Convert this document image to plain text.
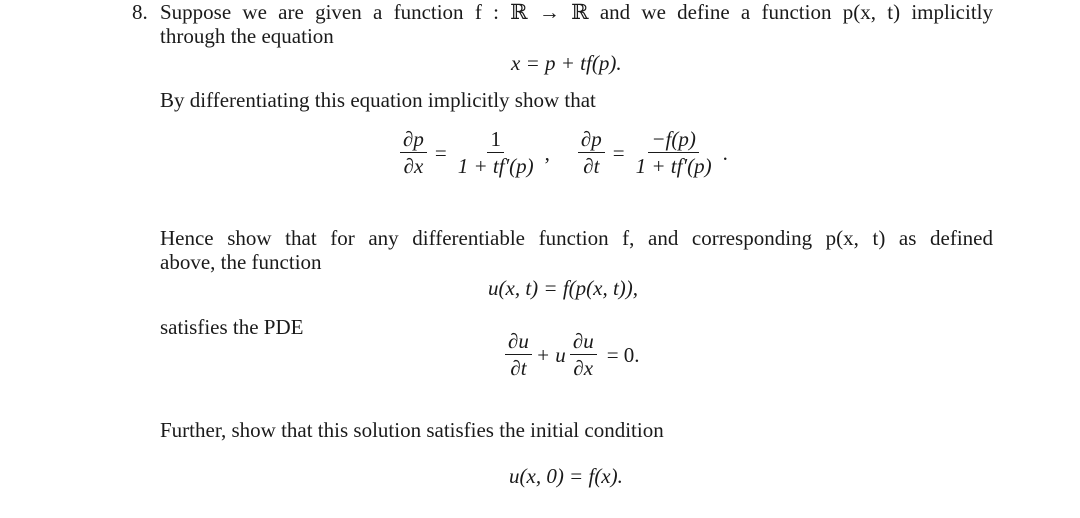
8. Suppose we are given a function f : ℝ → ℝ and we define a function p(x, t) implicitly
through the equation
x = p + tf(p).
By differentiating this equation implicitly show that
$\frac{\partial p}{\partial x} = \frac{1}{1 + tf'(p)}$ , $\frac{\partial p}{\partial t} = \frac{-f(p)}{1 + tf'(p)}$ .
Hence show that for any differentiable function f, and corresponding p(x, t) as defined
above, the function
u(x, t) = f(p(x, t)),
satisfies the PDE
$\frac{\partial u}{\partial t} + u \frac{\partial u}{\partial x} = 0$.
Further, show that this solution satisfies the initial condition
u(x, 0) = f(x).
